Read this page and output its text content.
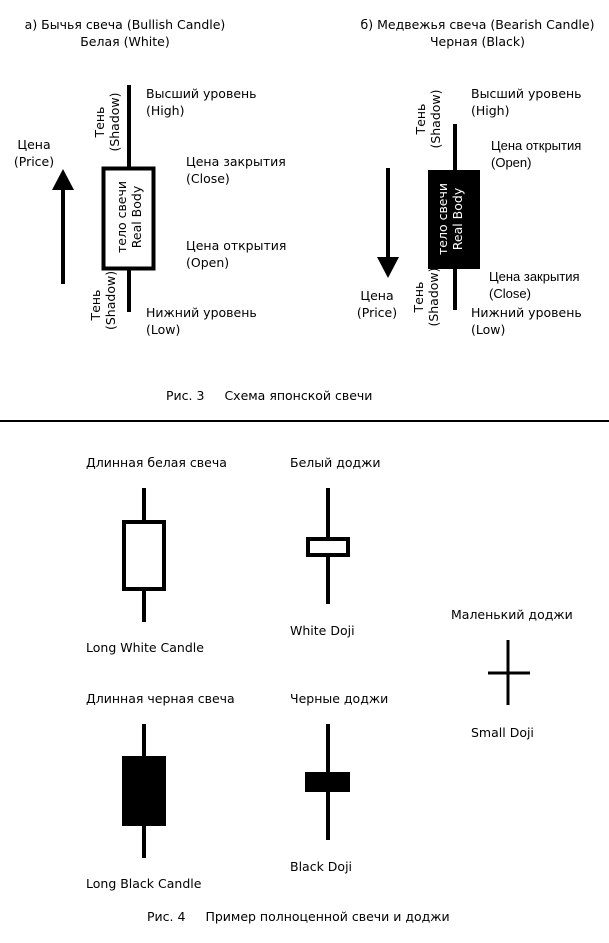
а) Бычья свеча (Bullish Candle)
Белая (White)
Цена
(Price)
Тень (Shadow)
Тень (Shadow)
тело свечи Real Body
Высший уровень
(High)
Цена закрытия
(Close)
Цена открытия
(Open)
Нижний уровень
(Low)
б) Медвежья свеча (Bearish Candle)
Черная (Black)
Цена
(Price)
Тень (Shadow)
Тень (Shadow)
тело свечи Real Body
Высший уровень
(High)
Цена открытия
(Open)
Цена закрытия
(Close)
Нижний уровень
(Low)
Рис. 3 Схема японской свечи
Длинная белая свеча
Long White Candle
Белый доджи
White Doji
Маленький доджи
Small Doji
Длинная черная свеча
Long Black Candle
Черные доджи
Black Doji
Рис. 4 Пример полноценной свечи и доджи
